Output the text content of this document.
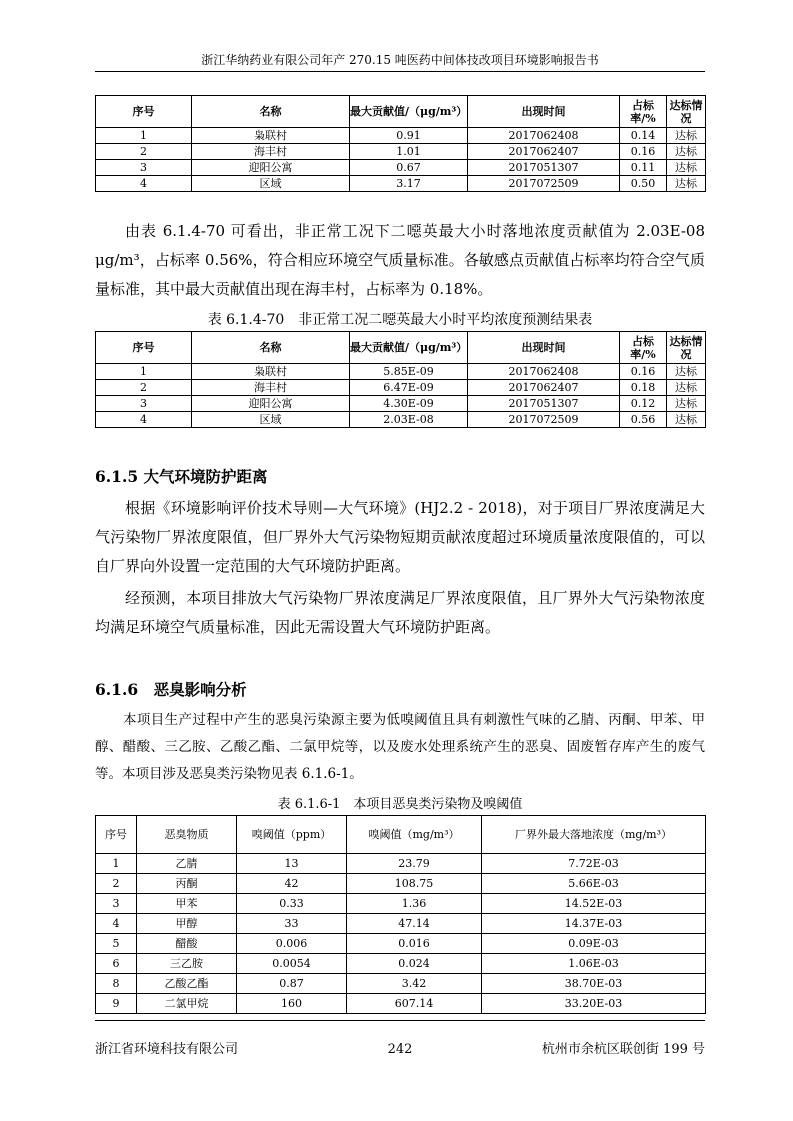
浙江华纳药业有限公司年产 270.15 吨医药中间体技改项目环境影响报告书
序号	名称	最大贡献值/（μg/m³）	出现时间	占标率/%	达标情况
1	枭联村	0.91	2017062408	0.14	达标
2	海丰村	1.01	2017062407	0.16	达标
3	迎阳公寓	0.67	2017051307	0.11	达标
4	区域	3.17	2017072509	0.50	达标

由表 6.1.4-70 可看出，非正常工况下二噁英最大小时落地浓度贡献值为 2.03E-08 μg/m³，占标率 0.56%，符合相应环境空气质量标准。各敏感点贡献值占标率均符合空气质量标准，其中最大贡献值出现在海丰村，占标率为 0.18%。

表 6.1.4-70　非正常工况二噁英最大小时平均浓度预测结果表
序号	名称	最大贡献值/（μg/m³）	出现时间	占标率/%	达标情况
1	枭联村	5.85E-09	2017062408	0.16	达标
2	海丰村	6.47E-09	2017062407	0.18	达标
3	迎阳公寓	4.30E-09	2017051307	0.12	达标
4	区域	2.03E-08	2017072509	0.56	达标
6.1.5 大气环境防护距离

根据《环境影响评价技术导则—大气环境》(HJ2.2 - 2018)，对于项目厂界浓度满足大气污染物厂界浓度限值，但厂界外大气污染物短期贡献浓度超过环境质量浓度限值的，可以自厂界向外设置一定范围的大气环境防护距离。

经预测，本项目排放大气污染物厂界浓度满足厂界浓度限值，且厂界外大气污染物浓度均满足环境空气质量标准，因此无需设置大气环境防护距离。

6.1.6　恶臭影响分析

本项目生产过程中产生的恶臭污染源主要为低嗅阈值且具有刺激性气味的乙腈、丙酮、甲苯、甲醇、醋酸、三乙胺、乙酸乙酯、二氯甲烷等，以及废水处理系统产生的恶臭、固废暂存库产生的废气等。本项目涉及恶臭类污染物见表 6.1.6-1。

表 6.1.6-1　本项目恶臭类污染物及嗅阈值
序号	恶臭物质	嗅阈值（ppm）	嗅阈值（mg/m³）	厂界外最大落地浓度（mg/m³）
1	乙腈	13	23.79	7.72E-03
2	丙酮	42	108.75	5.66E-03
3	甲苯	0.33	1.36	14.52E-03
4	甲醇	33	47.14	14.37E-03
5	醋酸	0.006	0.016	0.09E-03
6	三乙胺	0.0054	0.024	1.06E-03
8	乙酸乙酯	0.87	3.42	38.70E-03
9	二氯甲烷	160	607.14	33.20E-03
浙江省环境科技有限公司	242	杭州市余杭区联创街 199 号
